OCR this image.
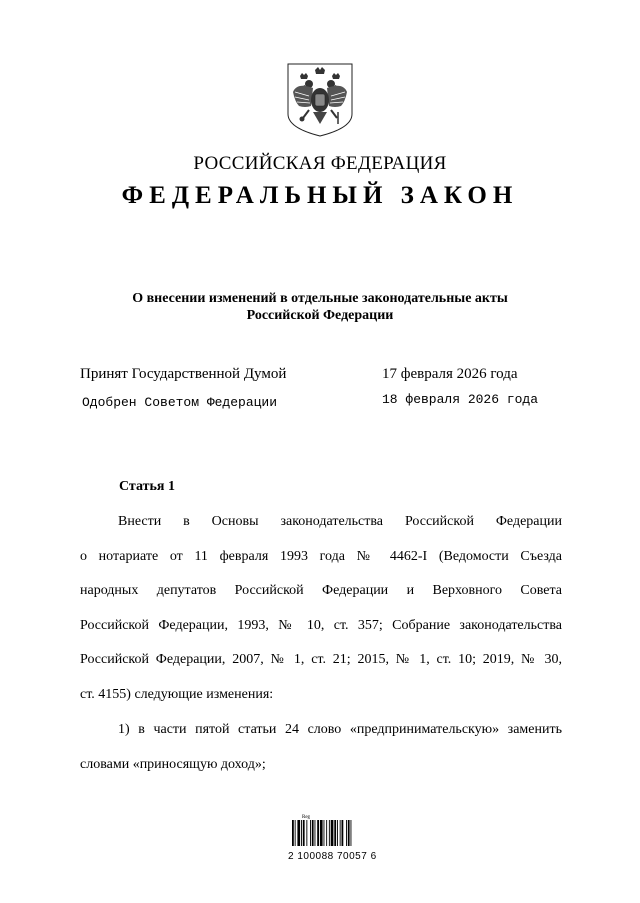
РОССИЙСКАЯ ФЕДЕРАЦИЯ
ФЕДЕРАЛЬНЫЙ ЗАКОН
О внесении изменений в отдельные законодательные акты
Российской Федерации
Принят Государственной Думой	17 февраля 2026 года
Одобрен Советом Федерации	18 февраля 2026 года
Статья 1
Внести в Основы законодательства Российской Федерации
о нотариате от 11 февраля 1993 года № 4462-I (Ведомости Съезда
народных депутатов Российской Федерации и Верховного Совета
Российской Федерации, 1993, № 10, ст. 357; Собрание законодательства
Российской Федерации, 2007, № 1, ст. 21; 2015, № 1, ст. 10; 2019, № 30,
ст. 4155) следующие изменения:
1) в части пятой статьи 24 слово «предпринимательскую» заменить
словами «приносящую доход»;
Reg
2 100088 70057 6
